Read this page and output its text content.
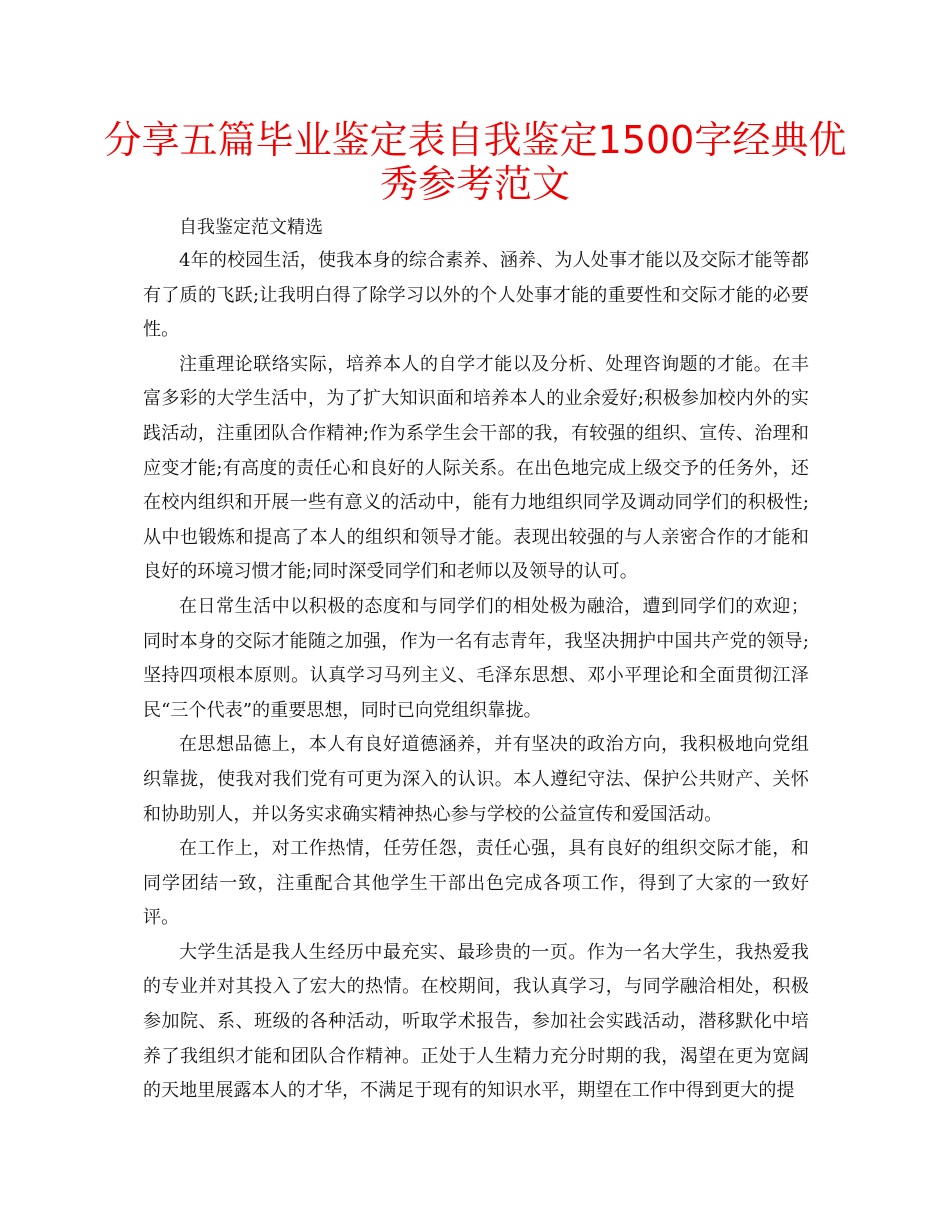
分享五篇毕业鉴定表自我鉴定1500字经典优秀参考范文

自我鉴定范文精选

4年的校园生活，使我本身的综合素养、涵养、为人处事才能以及交际才能等都有了质的飞跃;让我明白得了除学习以外的个人处事才能的重要性和交际才能的必要性。

注重理论联络实际，培养本人的自学才能以及分析、处理咨询题的才能。在丰富多彩的大学生活中，为了扩大知识面和培养本人的业余爱好;积极参加校内外的实践活动，注重团队合作精神;作为系学生会干部的我，有较强的组织、宣传、治理和应变才能;有高度的责任心和良好的人际关系。在出色地完成上级交予的任务外，还在校内组织和开展一些有意义的活动中，能有力地组织同学及调动同学们的积极性;从中也锻炼和提高了本人的组织和领导才能。表现出较强的与人亲密合作的才能和良好的环境习惯才能;同时深受同学们和老师以及领导的认可。

在日常生活中以积极的态度和与同学们的相处极为融洽，遭到同学们的欢迎；同时本身的交际才能随之加强，作为一名有志青年，我坚决拥护中国共产党的领导;坚持四项根本原则。认真学习马列主义、毛泽东思想、邓小平理论和全面贯彻江泽民“三个代表”的重要思想，同时已向党组织靠拢。

在思想品德上，本人有良好道德涵养，并有坚决的政治方向，我积极地向党组织靠拢，使我对我们党有可更为深入的认识。本人遵纪守法、保护公共财产、关怀和协助别人，并以务实求确实精神热心参与学校的公益宣传和爱国活动。

在工作上，对工作热情，任劳任怨，责任心强，具有良好的组织交际才能，和同学团结一致，注重配合其他学生干部出色完成各项工作，得到了大家的一致好评。

大学生活是我人生经历中最充实、最珍贵的一页。作为一名大学生，我热爱我的专业并对其投入了宏大的热情。在校期间，我认真学习，与同学融洽相处，积极参加院、系、班级的各种活动，听取学术报告，参加社会实践活动，潜移默化中培养了我组织才能和团队合作精神。正处于人生精力充分时期的我，渴望在更为宽阔的天地里展露本人的才华，不满足于现有的知识水平，期望在工作中得到更大的提
